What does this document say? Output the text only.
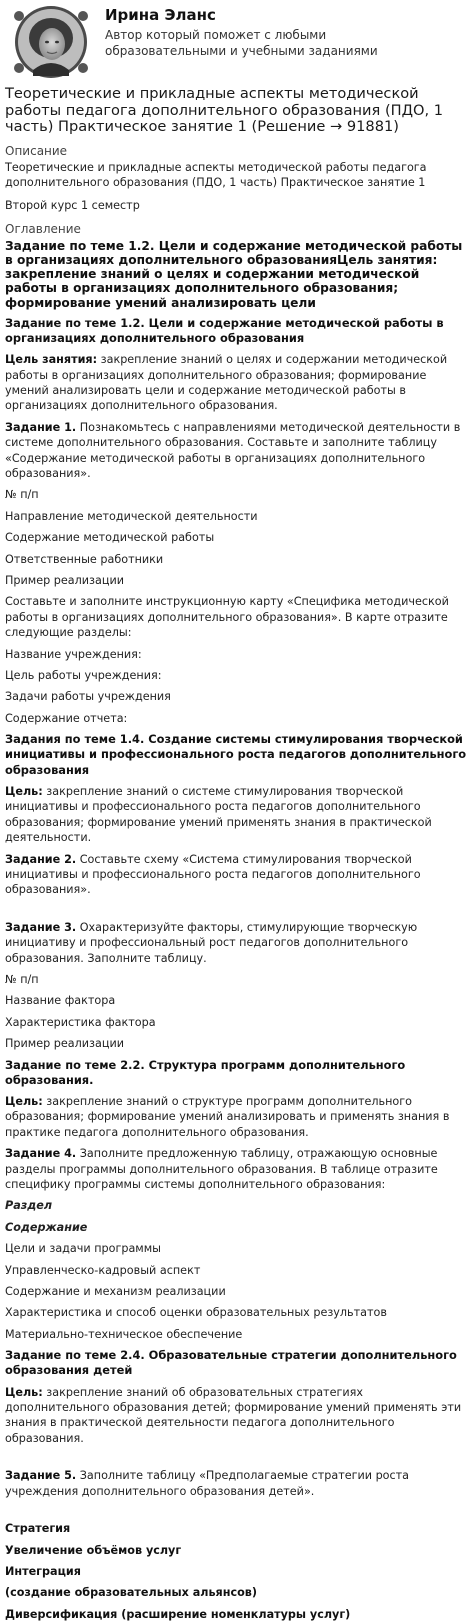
Ирина Эланс
Автор который поможет с любыми образовательными и учебными заданиями
Теоретические и прикладные аспекты методической работы педагога дополнительного образования (ПДО, 1 часть) Практическое занятие 1 (Решение → 91881)
Описание

Теоретические и прикладные аспекты методической работы педагога дополнительного образования (ПДО, 1 часть) Практическое занятие 1

Второй курс 1 семестр

Оглавление
Задание по теме 1.2. Цели и содержание методической работы в организациях дополнительного образованияЦель занятия: закрепление знаний о целях и содержании методической работы в организациях дополнительного образования; формирование умений анализировать цели
Задание по теме 1.2. Цели и содержание методической работы в организациях дополнительного образования

Цель занятия: закрепление знаний о целях и содержании методической работы в организациях дополнительного образования; формирование умений анализировать цели и содержание методической работы в организациях дополнительного образования.

Задание 1. Познакомьтесь с направлениями методической деятельности в системе дополнительного образования. Составьте и заполните таблицу «Содержание методической работы в организациях дополнительного образования».

№ п/п

Направление методической деятельности

Содержание методической работы

Ответственные работники

Пример реализации

Составьте и заполните инструкционную карту «Специфика методической работы в организациях дополнительного образования». В карте отразите следующие разделы:

Название учреждения:

Цель работы учреждения:

Задачи работы учреждения

Содержание отчета:

Задания по теме 1.4. Создание системы стимулирования творческой инициативы и профессионального роста педагогов дополнительного образования

Цель: закрепление знаний о системе стимулирования творческой инициативы и профессионального роста педагогов дополнительного образования; формирование умений применять знания в практической деятельности.

Задание 2. Составьте схему «Система стимулирования творческой инициативы и профессионального роста педагогов дополнительного образования».

Задание 3. Охарактеризуйте факторы, стимулирующие творческую инициативу и профессиональный рост педагогов дополнительного образования. Заполните таблицу.

№ п/п

Название фактора

Характеристика фактора

Пример реализации

Задание по теме 2.2. Структура программ дополнительного образования.

Цель: закрепление знаний о структуре программ дополнительного образования; формирование умений анализировать и применять знания в практике педагога дополнительного образования.

Задание 4. Заполните предложенную таблицу, отражающую основные разделы программы дополнительного образования. В таблице отразите специфику программы системы дополнительного образования:

Раздел

Содержание

Цели и задачи программы

Управленческо-кадровый аспект

Содержание и механизм реализации

Характеристика и способ оценки образовательных результатов

Материально-техническое обеспечение

Задание по теме 2.4. Образовательные стратегии дополнительного образования детей

Цель: закрепление знаний об образовательных стратегиях дополнительного образования детей; формирование умений применять эти знания в практической деятельности педагога дополнительного образования.

Задание 5. Заполните таблицу «Предполагаемые стратегии роста учреждения дополнительного образования детей».

Стратегия

Увеличение объёмов услуг

Интеграция

(создание образовательных альянсов)

Диверсификация (расширение номенклатуры услуг)
